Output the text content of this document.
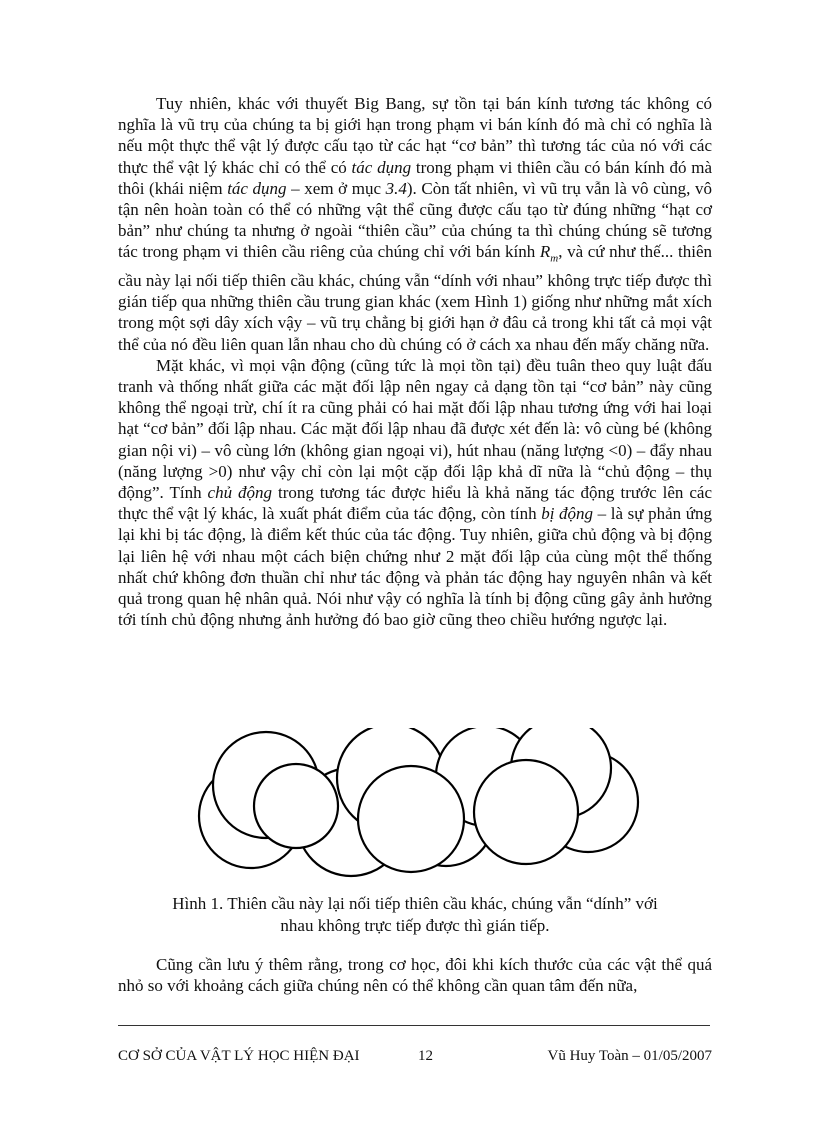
Tuy nhiên, khác với thuyết Big Bang, sự tồn tại bán kính tương tác không có nghĩa là vũ trụ của chúng ta bị giới hạn trong phạm vi bán kính đó mà chỉ có nghĩa là nếu một thực thể vật lý được cấu tạo từ các hạt “cơ bản” thì tương tác của nó với các thực thể vật lý khác chỉ có thể có tác dụng trong phạm vi thiên cầu có bán kính đó mà thôi (khái niệm tác dụng – xem ở mục 3.4). Còn tất nhiên, vì vũ trụ vẫn là vô cùng, vô tận nên hoàn toàn có thể có những vật thể cũng được cấu tạo từ đúng những “hạt cơ bản” như chúng ta nhưng ở ngoài “thiên cầu” của chúng ta thì chúng chúng sẽ tương tác trong phạm vi thiên cầu riêng của chúng chỉ với bán kính $R_m$, và cứ như thế... thiên cầu này lại nối tiếp thiên cầu khác, chúng vẫn “dính với nhau” không trực tiếp được thì gián tiếp qua những thiên cầu trung gian khác (xem Hình 1) giống như những mắt xích trong một sợi dây xích vậy – vũ trụ chẳng bị giới hạn ở đâu cả trong khi tất cả mọi vật thể của nó đều liên quan lẫn nhau cho dù chúng có ở cách xa nhau đến mấy chăng nữa.

Mặt khác, vì mọi vận động (cũng tức là mọi tồn tại) đều tuân theo quy luật đấu tranh và thống nhất giữa các mặt đối lập nên ngay cả dạng tồn tại “cơ bản” này cũng không thể ngoại trừ, chí ít ra cũng phải có hai mặt đối lập nhau tương ứng với hai loại hạt “cơ bản” đối lập nhau. Các mặt đối lập nhau đã được xét đến là: vô cùng bé (không gian nội vi) – vô cùng lớn (không gian ngoại vi), hút nhau (năng lượng <0) – đẩy nhau (năng lượng >0) như vậy chỉ còn lại một cặp đối lập khả dĩ nữa là “chủ động – thụ động”. Tính chủ động trong tương tác được hiểu là khả năng tác động trước lên các thực thể vật lý khác, là xuất phát điểm của tác động, còn tính bị động – là sự phản ứng lại khi bị tác động, là điểm kết thúc của tác động. Tuy nhiên, giữa chủ động và bị động lại liên hệ với nhau một cách biện chứng như 2 mặt đối lập của cùng một thể thống nhất chứ không đơn thuần chỉ như tác động và phản tác động hay nguyên nhân và kết quả trong quan hệ nhân quả. Nói như vậy có nghĩa là tính bị động cũng gây ảnh hưởng tới tính chủ động nhưng ảnh hưởng đó bao giờ cũng theo chiều hướng ngược lại.

Hình 1. Thiên cầu này lại nối tiếp thiên cầu khác, chúng vẫn “dính” với
nhau không trực tiếp được thì gián tiếp.

Cũng cần lưu ý thêm rằng, trong cơ học, đôi khi kích thước của các vật thể quá nhỏ so với khoảng cách giữa chúng nên có thể không cần quan tâm đến nữa,

CƠ SỞ CỦA VẬT LÝ HỌC HIỆN ĐẠI	12	Vũ Huy Toàn – 01/05/2007
